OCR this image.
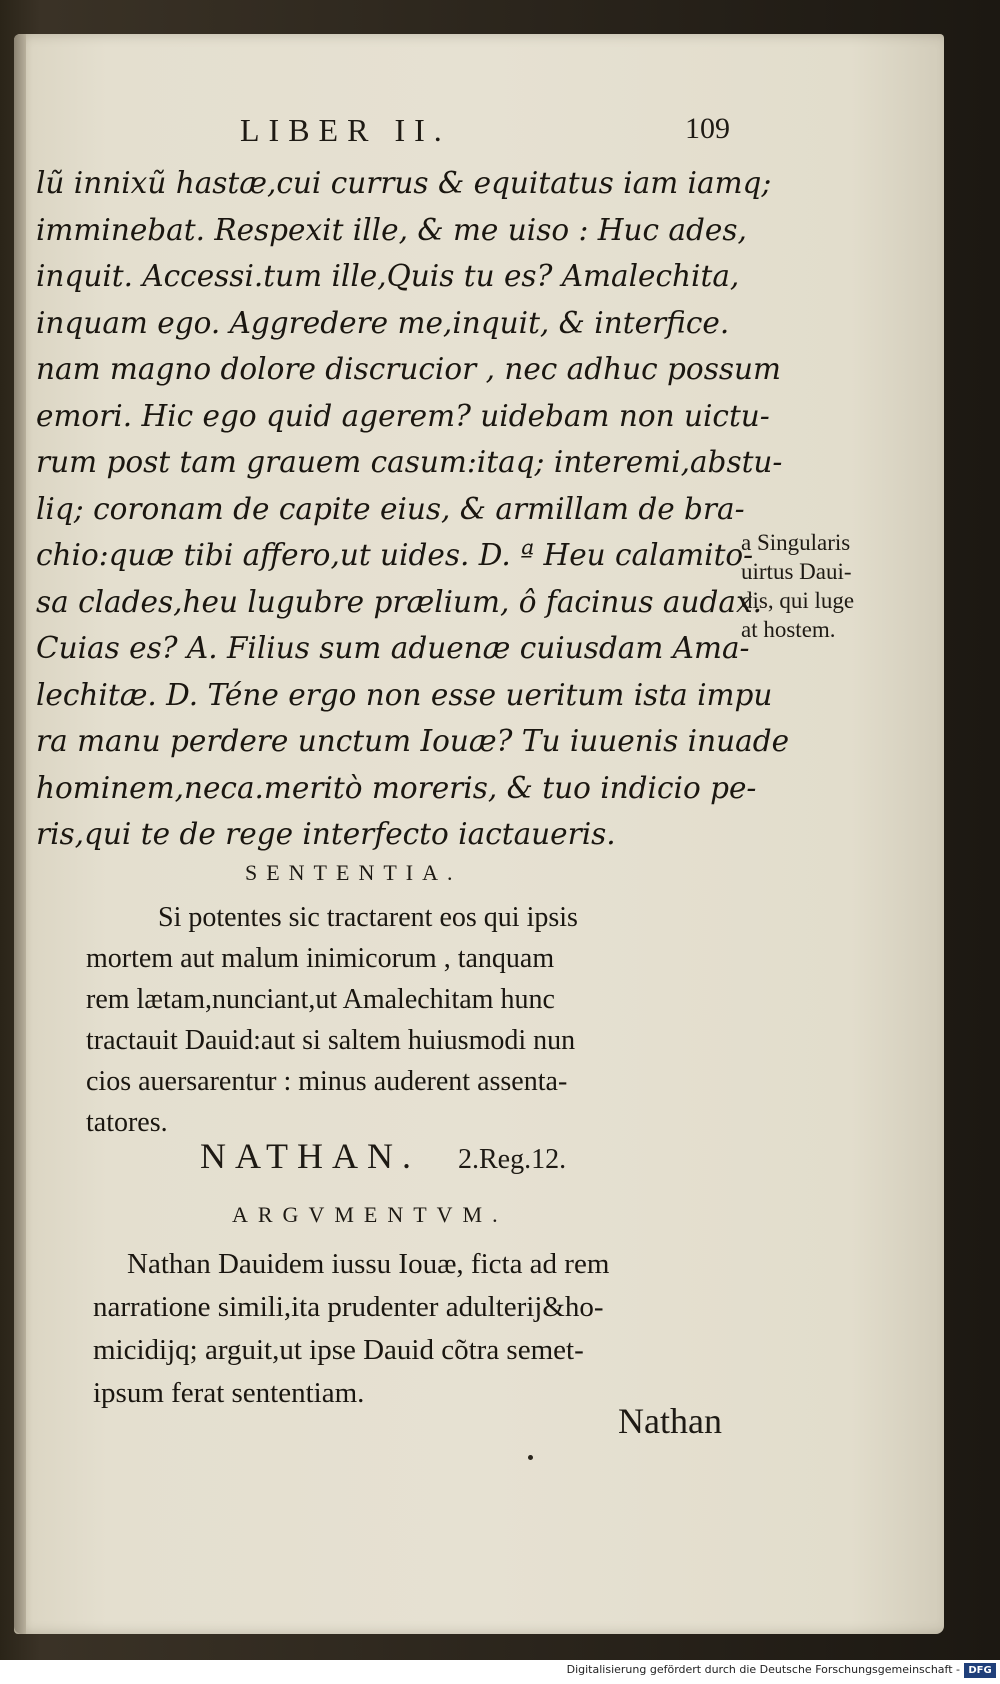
LIBER II.	109
lũ innixũ hastæ,cui currus & equitatus iam iamq;
imminebat. Respexit ille, & me uiso : Huc ades,
inquit. Accessi.tum ille,Quis tu es? Amalechita,
inquam ego. Aggredere me,inquit, & interfice.
nam magno dolore discrucior , nec adhuc possum
emori. Hic ego quid agerem? uidebam non uictu-
rum post tam grauem casum:itaq; interemi,abstu-
liq; coronam de capite eius, & armillam de bra-
chio:quæ tibi affero,ut uides. D. ª Heu calamito-
sa clades,heu lugubre prælium, ô facinus audax.
Cuias es? A. Filius sum aduenæ cuiusdam Ama-
lechitæ. D. Téne ergo non esse ueritum ista impu
ra manu perdere unctum Iouæ? Tu iuuenis inuade
hominem,neca.meritò moreris, & tuo indicio pe-
ris,qui te de rege interfecto iactaueris.
a Singularis
uirtus Daui-
dis, qui luge
at hostem.
SENTENTIA.
Si potentes sic tractarent eos qui ipsis
mortem aut malum inimicorum , tanquam
rem lætam,nunciant,ut Amalechitam hunc
tractauit Dauid:aut si saltem huiusmodi nun
cios auersarentur : minus auderent assenta-
tatores.
NATHAN. 2.Reg.12.
ARGVMENTVM.
Nathan Dauidem iussu Iouæ, ficta ad rem
narratione simili,ita prudenter adulterij&ho-
micidijq; arguit,ut ipse Dauid cõtra semet-
ipsum ferat sententiam.
Nathan
Digitalisierung gefördert durch die Deutsche Forschungsgemeinschaft - DFG
